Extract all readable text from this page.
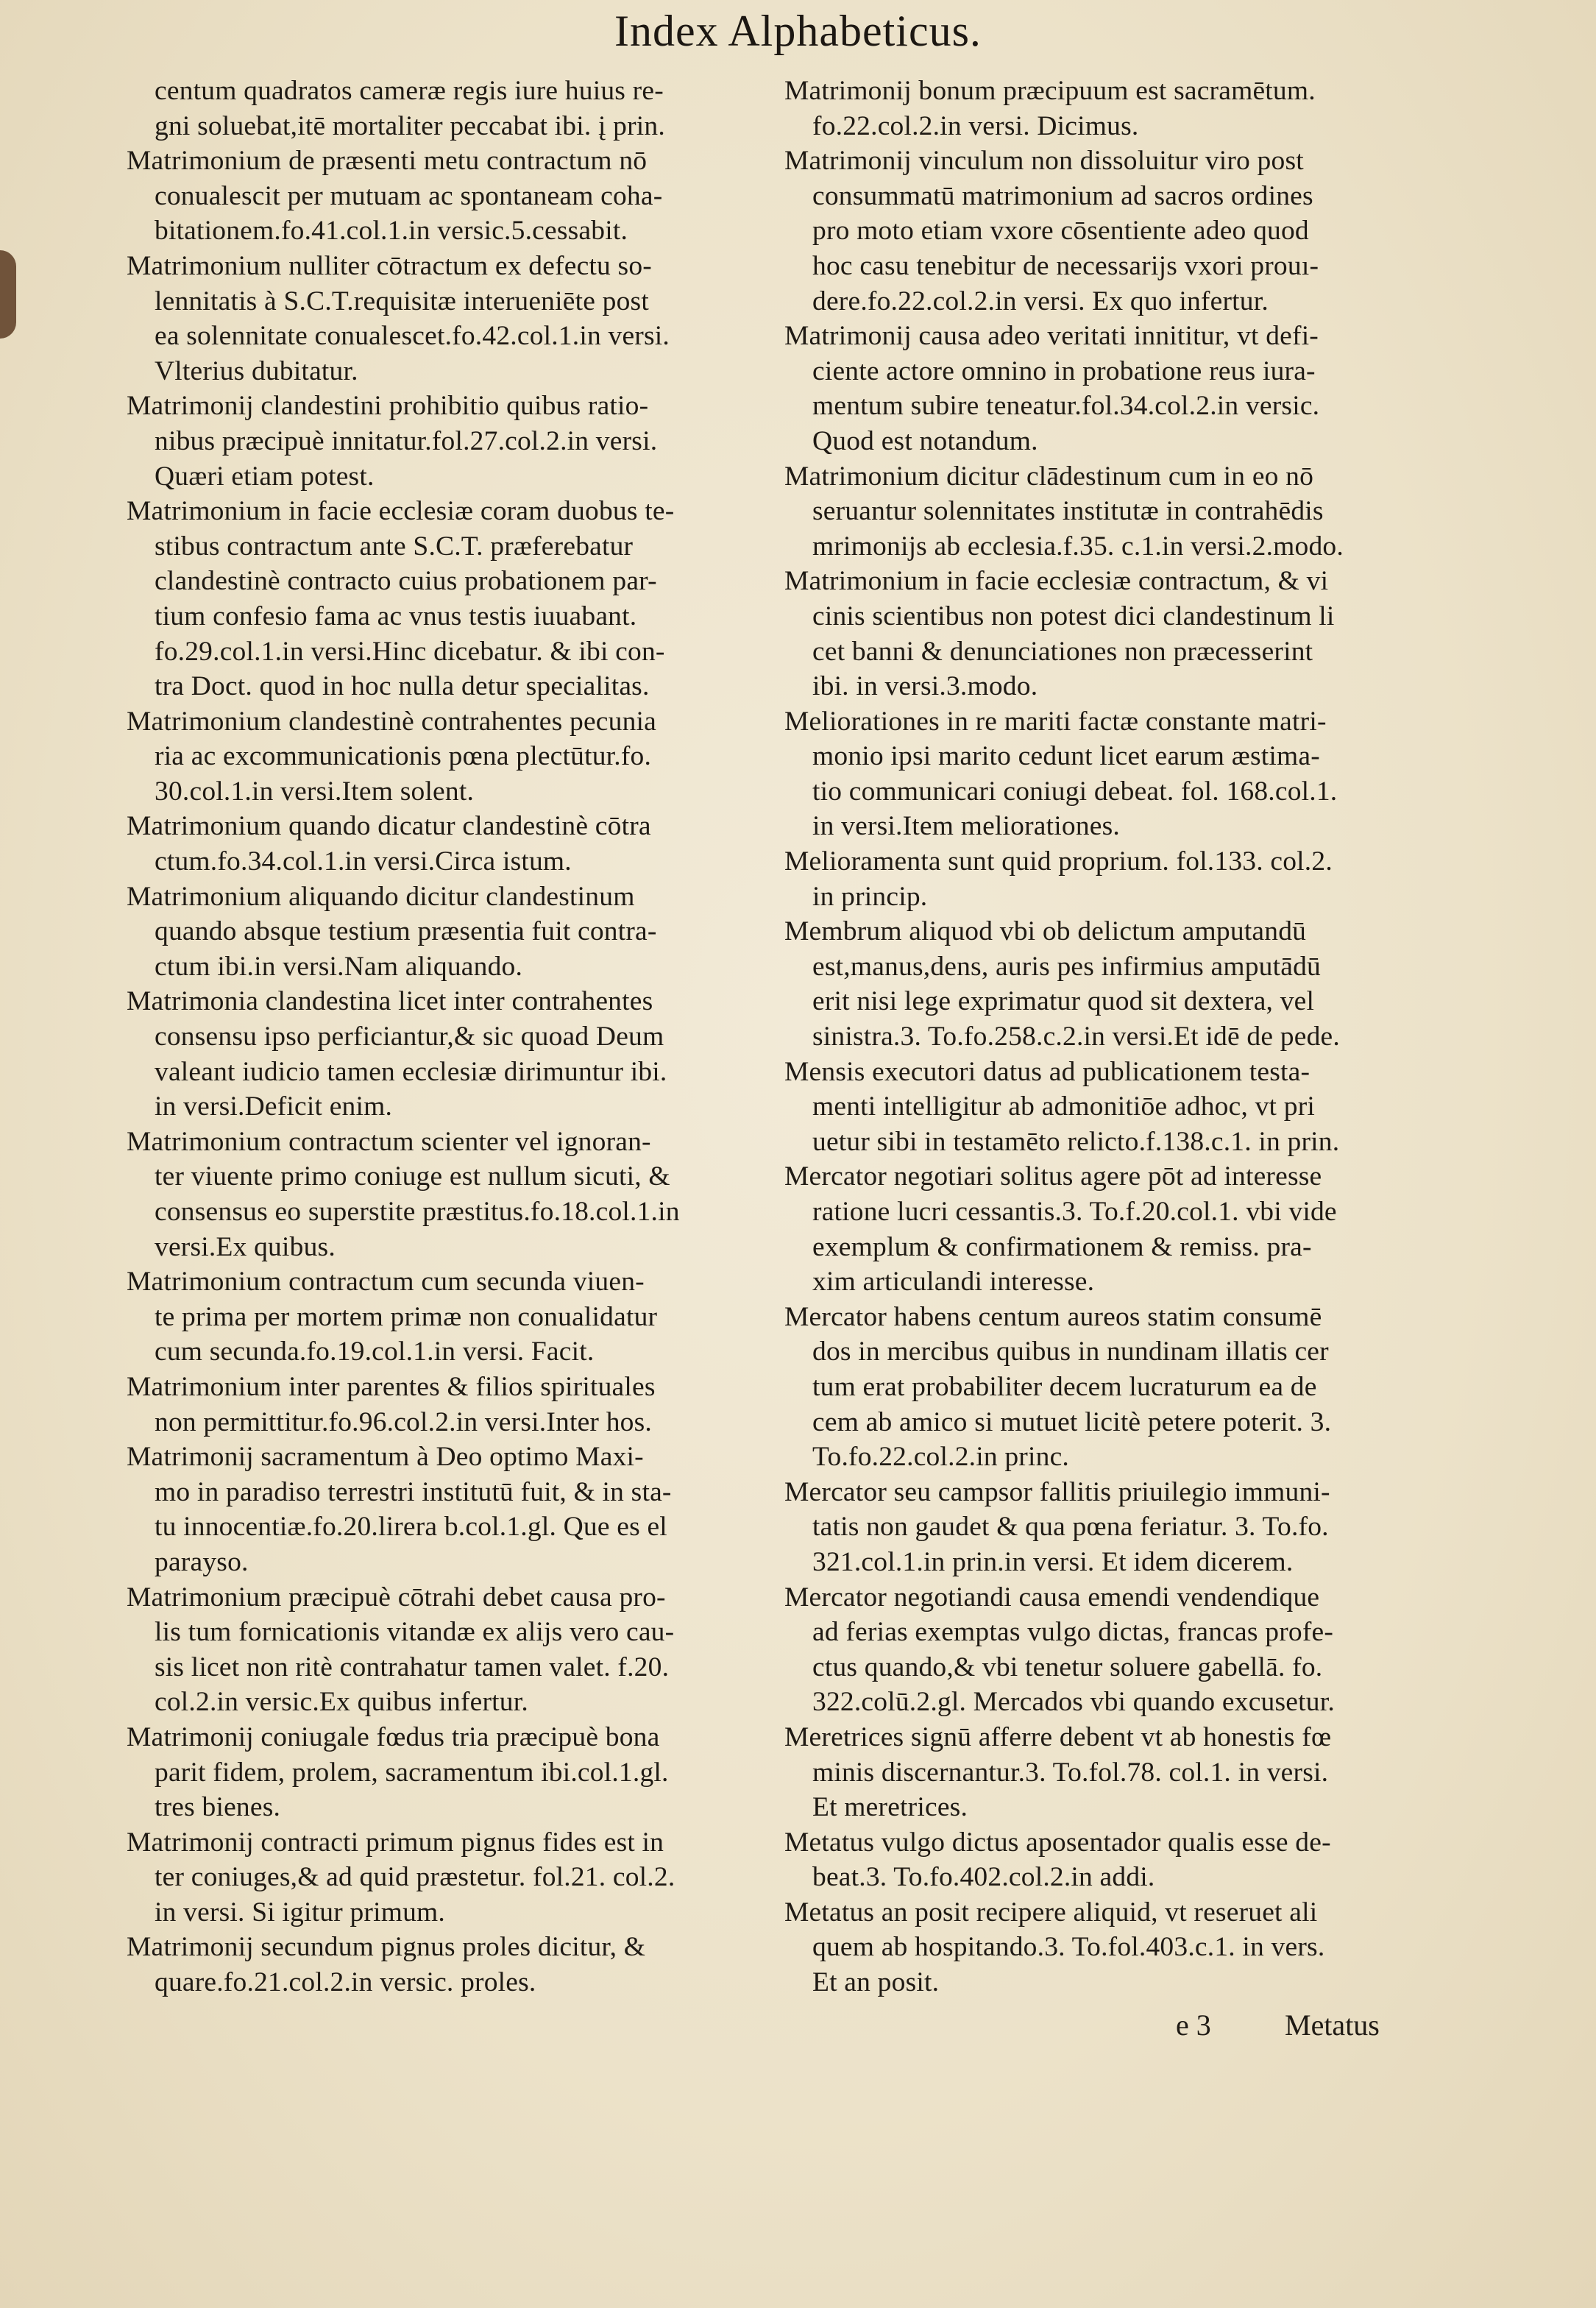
Index Alphabeticus.
centum quadratos cameræ regis iure huius re-
gni soluebat,itē mortaliter peccabat ibi. į prin.
Matrimonium de præsenti metu contractum nō
conualescit per mutuam ac spontaneam coha-
bitationem.fo.41.col.1.in versic.5.cessabit.
Matrimonium nulliter cōtractum ex defectu so-
lennitatis à S.C.T.requisitæ interueniēte post
ea solennitate conualescet.fo.42.col.1.in versi.
Vlterius dubitatur.
Matrimonij clandestini prohibitio quibus ratio-
nibus præcipuè innitatur.fol.27.col.2.in versi.
Quæri etiam potest.
Matrimonium in facie ecclesiæ coram duobus te-
stibus contractum ante S.C.T. præferebatur
clandestinè contracto cuius probationem par-
tium confesio fama ac vnus testis iuuabant.
fo.29.col.1.in versi.Hinc dicebatur. & ibi con-
tra Doct. quod in hoc nulla detur specialitas.
Matrimonium clandestinè contrahentes pecunia
ria ac excommunicationis pœna plectūtur.fo.
30.col.1.in versi.Item solent.
Matrimonium quando dicatur clandestinè cōtra
ctum.fo.34.col.1.in versi.Circa istum.
Matrimonium aliquando dicitur clandestinum
quando absque testium præsentia fuit contra-
ctum ibi.in versi.Nam aliquando.
Matrimonia clandestina licet inter contrahentes
consensu ipso perficiantur,& sic quoad Deum
valeant iudicio tamen ecclesiæ dirimuntur ibi.
in versi.Deficit enim.
Matrimonium contractum scienter vel ignoran-
ter viuente primo coniuge est nullum sicuti, &
consensus eo superstite præstitus.fo.18.col.1.in
versi.Ex quibus.
Matrimonium contractum cum secunda viuen-
te prima per mortem primæ non conualidatur
cum secunda.fo.19.col.1.in versi. Facit.
Matrimonium inter parentes & filios spirituales
non permittitur.fo.96.col.2.in versi.Inter hos.
Matrimonij sacramentum à Deo optimo Maxi-
mo in paradiso terrestri institutū fuit, & in sta-
tu innocentiæ.fo.20.lirera b.col.1.gl. Que es el
parayso.
Matrimonium præcipuè cōtrahi debet causa pro-
lis tum fornicationis vitandæ ex alijs vero cau-
sis licet non ritè contrahatur tamen valet. f.20.
col.2.in versic.Ex quibus infertur.
Matrimonij coniugale fœdus tria præcipuè bona
parit fidem, prolem, sacramentum ibi.col.1.gl.
tres bienes.
Matrimonij contracti primum pignus fides est in
ter coniuges,& ad quid præstetur. fol.21. col.2.
in versi. Si igitur primum.
Matrimonij secundum pignus proles dicitur, &
quare.fo.21.col.2.in versic. proles.
Matrimonij bonum præcipuum est sacramētum.
fo.22.col.2.in versi. Dicimus.
Matrimonij vinculum non dissoluitur viro post
consummatū matrimonium ad sacros ordines
pro moto etiam vxore cōsentiente adeo quod
hoc casu tenebitur de necessarijs vxori prouı-
dere.fo.22.col.2.in versi. Ex quo infertur.
Matrimonij causa adeo veritati innititur, vt defi-
ciente actore omnino in probatione reus iura-
mentum subire teneatur.fol.34.col.2.in versic.
Quod est notandum.
Matrimonium dicitur clādestinum cum in eo nō
seruantur solennitates institutæ in contrahēdis
mrimonijs ab ecclesia.f.35. c.1.in versi.2.modo.
Matrimonium in facie ecclesiæ contractum, & vi
cinis scientibus non potest dici clandestinum li
cet banni & denunciationes non præcesserint
ibi. in versi.3.modo.
Meliorationes in re mariti factæ constante matri-
monio ipsi marito cedunt licet earum æstima-
tio communicari coniugi debeat. fol. 168.col.1.
in versi.Item meliorationes.
Melioramenta sunt quid proprium. fol.133. col.2.
in princip.
Membrum aliquod vbi ob delictum amputandū
est,manus,dens, auris pes infirmius amputādū
erit nisi lege exprimatur quod sit dextera, vel
sinistra.3. To.fo.258.c.2.in versi.Et idē de pede.
Mensis executori datus ad publicationem testa-
menti intelligitur ab admonitiōe adhoc, vt pri
uetur sibi in testamēto relicto.f.138.c.1. in prin.
Mercator negotiari solitus agere pōt ad interesse
ratione lucri cessantis.3. To.f.20.col.1. vbi vide
exemplum & confirmationem & remiss. pra-
xim articulandi interesse.
Mercator habens centum aureos statim consumē
dos in mercibus quibus in nundinam illatis cer
tum erat probabiliter decem lucraturum ea de
cem ab amico si mutuet licitè petere poterit. 3.
To.fo.22.col.2.in princ.
Mercator seu campsor fallitis priuilegio immuni-
tatis non gaudet & qua pœna feriatur. 3. To.fo.
321.col.1.in prin.in versi. Et idem dicerem.
Mercator negotiandi causa emendi vendendique
ad ferias exemptas vulgo dictas, francas profe-
ctus quando,& vbi tenetur soluere gabellā. fo.
322.colū.2.gl. Mercados vbi quando excusetur.
Meretrices signū afferre debent vt ab honestis fœ
minis discernantur.3. To.fol.78. col.1. in versi.
Et meretrices.
Metatus vulgo dictus aposentador qualis esse de-
beat.3. To.fo.402.col.2.in addi.
Metatus an posit recipere aliquid, vt reseruet ali
quem ab hospitando.3. To.fol.403.c.1. in vers.
Et an posit.
e 3	Metatus
